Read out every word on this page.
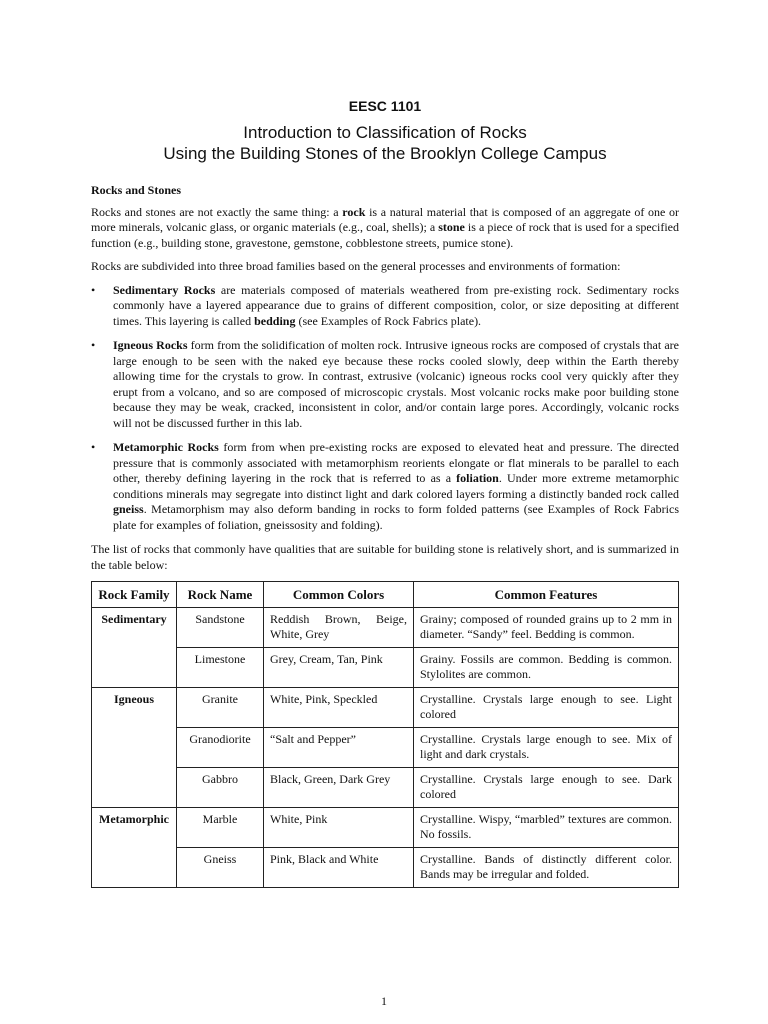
EESC 1101
Introduction to Classification of Rocks
Using the Building Stones of the Brooklyn College Campus
Rocks and Stones

Rocks and stones are not exactly the same thing: a rock is a natural material that is composed of an aggregate of one or more minerals, volcanic glass, or organic materials (e.g., coal, shells); a stone is a piece of rock that is used for a specified function (e.g., building stone, gravestone, gemstone, cobblestone streets, pumice stone).

Rocks are subdivided into three broad families based on the general processes and environments of formation:

• Sedimentary Rocks are materials composed of materials weathered from pre-existing rock. Sedimentary rocks commonly have a layered appearance due to grains of different composition, color, or size depositing at different times. This layering is called bedding (see Examples of Rock Fabrics plate).
• Igneous Rocks form from the solidification of molten rock. Intrusive igneous rocks are composed of crystals that are large enough to be seen with the naked eye because these rocks cooled slowly, deep within the Earth thereby allowing time for the crystals to grow. In contrast, extrusive (volcanic) igneous rocks cool very quickly after they erupt from a volcano, and so are composed of microscopic crystals. Most volcanic rocks make poor building stone because they may be weak, cracked, inconsistent in color, and/or contain large pores. Accordingly, volcanic rocks will not be discussed further in this lab.
• Metamorphic Rocks form from when pre-existing rocks are exposed to elevated heat and pressure. The directed pressure that is commonly associated with metamorphism reorients elongate or flat minerals to be parallel to each other, thereby defining layering in the rock that is referred to as a foliation. Under more extreme metamorphic conditions minerals may segregate into distinct light and dark colored layers forming a distinctly banded rock called gneiss. Metamorphism may also deform banding in rocks to form folded patterns (see Examples of Rock Fabrics plate for examples of foliation, gneissosity and folding).

The list of rocks that commonly have qualities that are suitable for building stone is relatively short, and is summarized in the table below:

Rock Family	Rock Name	Common Colors	Common Features
Sedimentary	Sandstone	Reddish Brown, Beige, White, Grey	Grainy; composed of rounded grains up to 2 mm in diameter. “Sandy” feel. Bedding is common.
	Limestone	Grey, Cream, Tan, Pink	Grainy. Fossils are common. Bedding is common. Stylolites are common.
Igneous	Granite	White, Pink, Speckled	Crystalline. Crystals large enough to see. Light colored
	Granodiorite	“Salt and Pepper”	Crystalline. Crystals large enough to see. Mix of light and dark crystals.
	Gabbro	Black, Green, Dark Grey	Crystalline. Crystals large enough to see. Dark colored
Metamorphic	Marble	White, Pink	Crystalline. Wispy, “marbled” textures are common. No fossils.
	Gneiss	Pink, Black and White	Crystalline. Bands of distinctly different color. Bands may be irregular and folded.
1
